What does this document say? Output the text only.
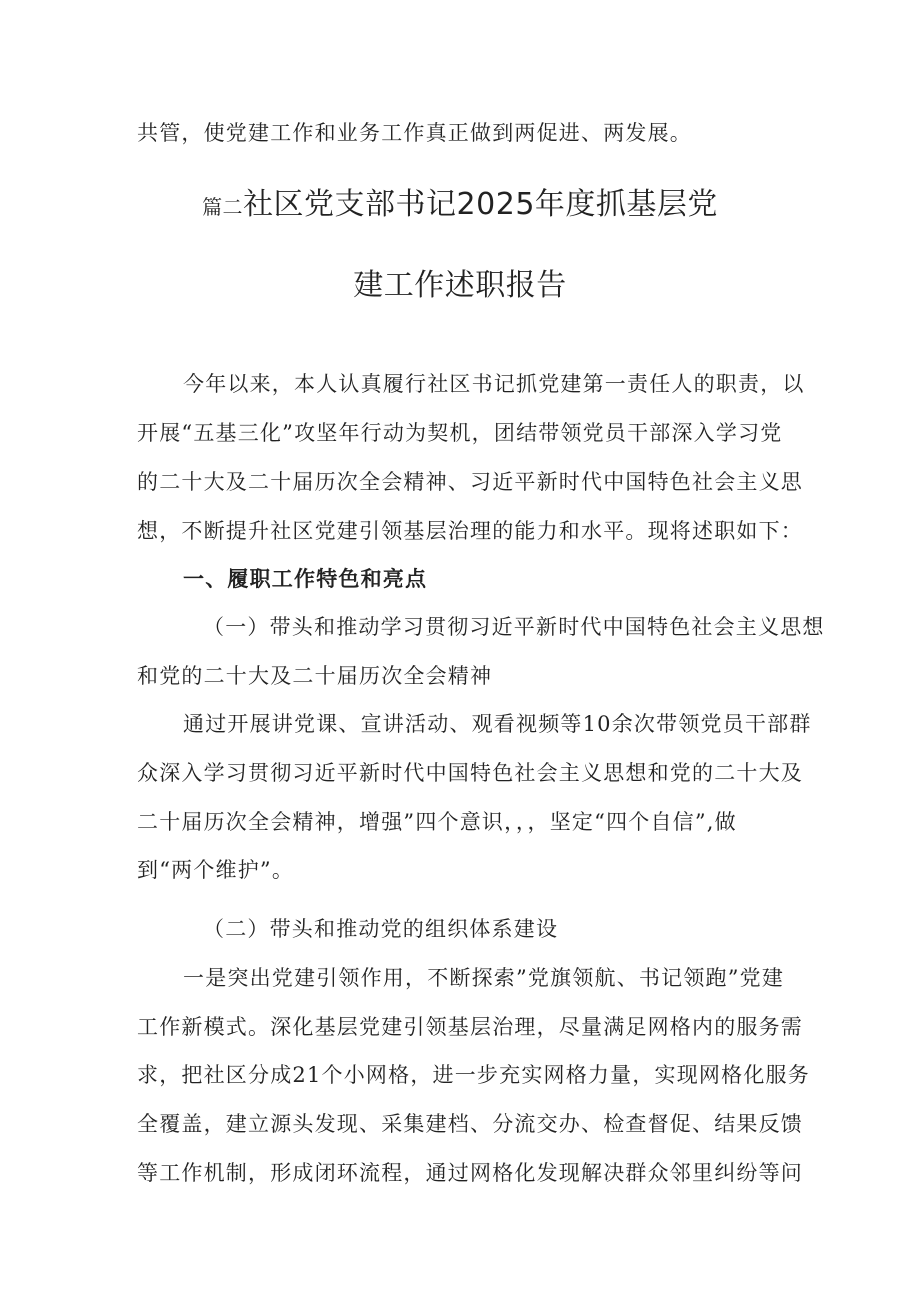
共管，使党建工作和业务工作真正做到两促进、两发展。
篇二社区党支部书记2025年度抓基层党
建工作述职报告
今年以来，本人认真履行社区书记抓党建第一责任人的职责，以
开展“五基三化”攻坚年行动为契机，团结带领党员干部深入学习党
的二十大及二十届历次全会精神、习近平新时代中国特色社会主义思
想，不断提升社区党建引领基层治理的能力和水平。现将述职如下：
一、履职工作特色和亮点
（一）带头和推动学习贯彻习近平新时代中国特色社会主义思想
和党的二十大及二十届历次全会精神
通过开展讲党课、宣讲活动、观看视频等10余次带领党员干部群
众深入学习贯彻习近平新时代中国特色社会主义思想和党的二十大及
二十届历次全会精神，增强”四个意识，，，坚定“四个自信”,做
到“两个维护”。
（二）带头和推动党的组织体系建设
一是突出党建引领作用，不断探索”党旗领航、书记领跑”党建
工作新模式。深化基层党建引领基层治理，尽量满足网格内的服务需
求，把社区分成21个小网格，进一步充实网格力量，实现网格化服务
全覆盖，建立源头发现、采集建档、分流交办、检查督促、结果反馈
等工作机制，形成闭环流程，通过网格化发现解决群众邻里纠纷等问
